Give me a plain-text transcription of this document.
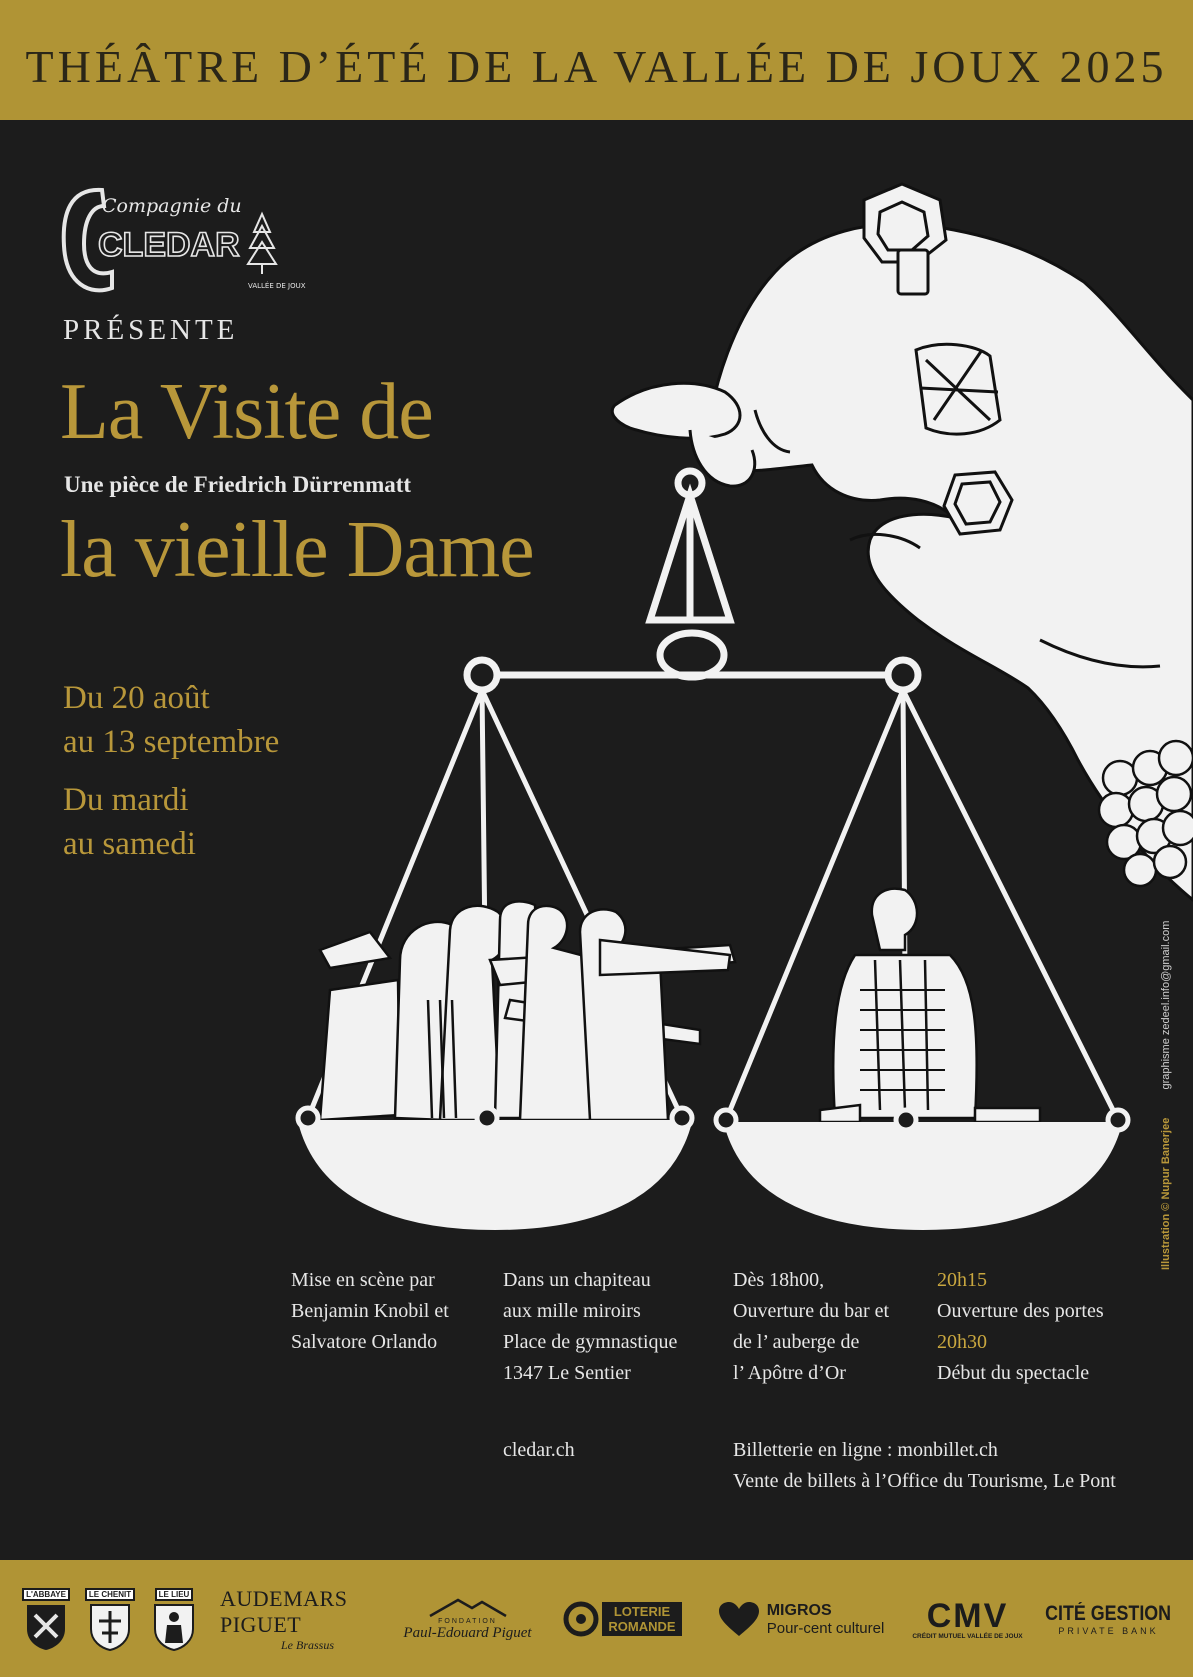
THÉÂTRE D’ÉTÉ DE LA VALLÉE DE JOUX 2025
Compagnie du
CLEDAR
VALLÉE DE JOUX
PRÉSENTE
La Visite de
Une pièce de Friedrich Dürrenmatt
la vieille Dame
Du 20 août
au 13 septembre
Du mardi
au samedi
Illustration © Nupur Banerjee  graphisme zedeel.info@gmail.com
Mise en scène par
Benjamin Knobil et
Salvatore Orlando
Dans un chapiteau
aux mille miroirs
Place de gymnastique
1347 Le Sentier
Dès 18h00,
Ouverture du bar et
de l’ auberge de
l’ Apôtre d’Or
20h15
Ouverture des portes
20h30
Début du spectacle
cledar.ch	Billetterie en ligne : monbillet.ch
Vente de billets à l’Office du Tourisme, Le Pont
L'ABBAYE	LE CHENIT	LE LIEU AUDEMARS PIGUET
Le Brassus
FONDATION
Paul-Edouard Piguet
LOTERIE
ROMANDE
MIGROS
Pour-cent culturel CMV
CRÉDIT MUTUEL VALLÉE DE JOUX
CITÉ GESTION
PRIVATE BANK
